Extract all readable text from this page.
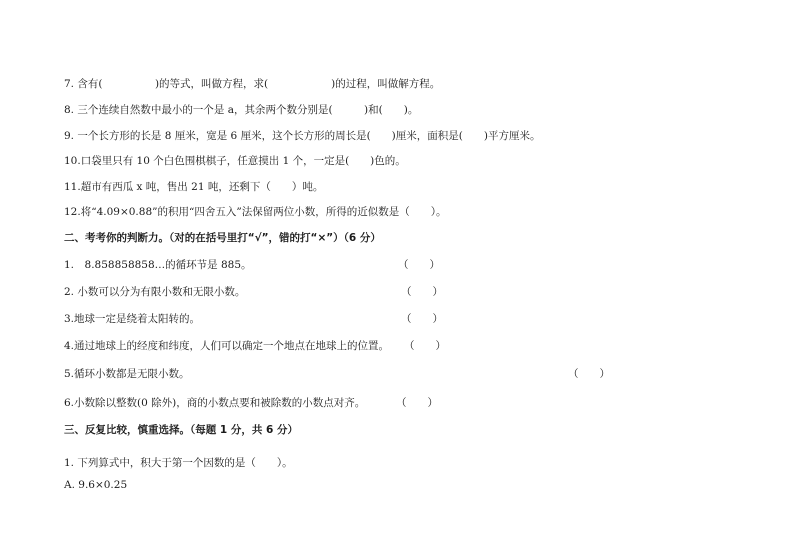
7. 含有(　　　　　)的等式，叫做方程，求(　　　　　　)的过程，叫做解方程。
8. 三个连续自然数中最小的一个是 a，其余两个数分别是(　　　)和(　　)。
9. 一个长方形的长是 8 厘米，宽是 6 厘米，这个长方形的周长是(　　)厘米，面积是(　　)平方厘米。
10.口袋里只有 10 个白色围棋棋子，任意摸出 1 个，一定是(　　)色的。
11.超市有西瓜 x 吨，售出 21 吨，还剩下（　　）吨。
12.将“4.09×0.88”的积用“四舍五入”法保留两位小数，所得的近似数是（　　）。
二、考考你的判断力。（对的在括号里打“√”，错的打“×”）（6 分）
1.　8.858858858…的循环节是 885。	（　　）
2. 小数可以分为有限小数和无限小数。	（　　）
3.地球一定是绕着太阳转的。	（　　）
4.通过地球上的经度和纬度，人们可以确定一个地点在地球上的位置。 （　　）
5.循环小数都是无限小数。	（　　）
6.小数除以整数(0 除外)，商的小数点要和被除数的小数点对齐。	（　　）
三、反复比较，慎重选择。（每题 1 分，共 6 分）
1. 下列算式中，积大于第一个因数的是（　　）。
A. 9.6×0.25
